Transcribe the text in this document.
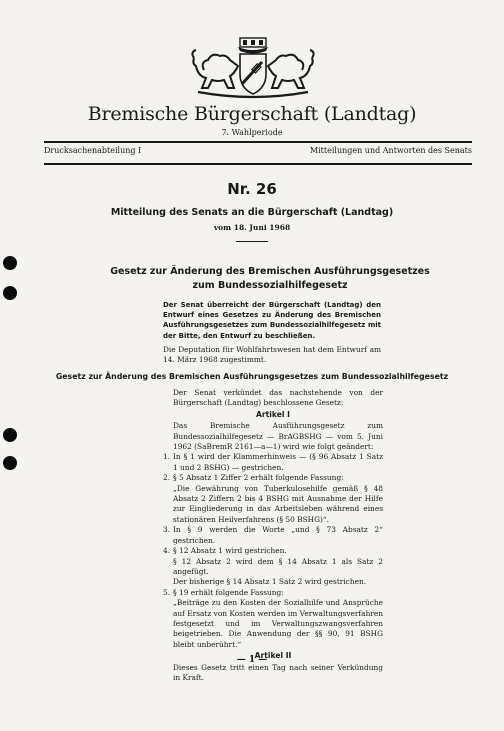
Bremische Bürgerschaft (Landtag)
7. Wahlperiode
Drucksachenabteilung I	Mitteilungen und Antworten des Senats
Nr. 26
Mitteilung des Senats an die Bürgerschaft (Landtag)
vom 18. Juni 1968
Gesetz zur Änderung des Bremischen Ausführungsgesetzes
zum Bundessozialhilfegesetz
Der Senat überreicht der Bürgerschaft (Landtag) den Entwurf eines Gesetzes zu Änderung des Bremischen Ausführungsgesetzes zum Bundessozialhilfegesetz mit der Bitte, den Entwurf zu beschließen.
Die Deputation für Wohlfahrtswesen hat dem Entwurf am 14. März 1968 zugestimmt.
Gesetz zur Änderung des Bremischen Ausführungsgesetzes zum Bundessozialhilfegesetz

Der Senat verkündet das nachstehende von der Bürgerschaft (Landtag) beschlossene Gesetz:

Artikel I

Das Bremische Ausführungsgesetz zum Bundessozialhilfegesetz — BrAGBSHG — vom 5. Juni 1962 (SaBremR 2161—a—1) wird wie folgt geändert:

1. In § 1 wird der Klammerhinweis — (§ 96 Absatz 1 Satz 1 und 2 BSHG) — gestrichen.
2. § 5 Absatz 1 Ziffer 2 erhält folgende Fassung:
„Die Gewährung von Tuberkulosehilfe gemäß § 48 Absatz 2 Ziffern 2 bis 4 BSHG mit Ausnahme der Hilfe zur Eingliederung in das Arbeitsleben während eines stationären Heilverfahrens (§ 50 BSHG)“.
3. In § 9 werden die Worte „und § 73 Absatz 2“ gestrichen.
4. § 12 Absatz 1 wird gestrichen.
§ 12 Absatz 2 wird dem § 14 Absatz 1 als Satz 2 angefügt.
Der bisherige § 14 Absatz 1 Satz 2 wird gestrichen.
5. § 19 erhält folgende Fassung:
„Beiträge zu den Kosten der Sozialhilfe und Ansprüche auf Ersatz von Kosten werden im Verwaltungsverfahren festgesetzt und im Verwaltungszwangsverfahren beigetrieben. Die Anwendung der §§ 90, 91 BSHG bleibt unberührt.“

Artikel II

Dieses Gesetz tritt einen Tag nach seiner Verkündung in Kraft.

— 1 —
